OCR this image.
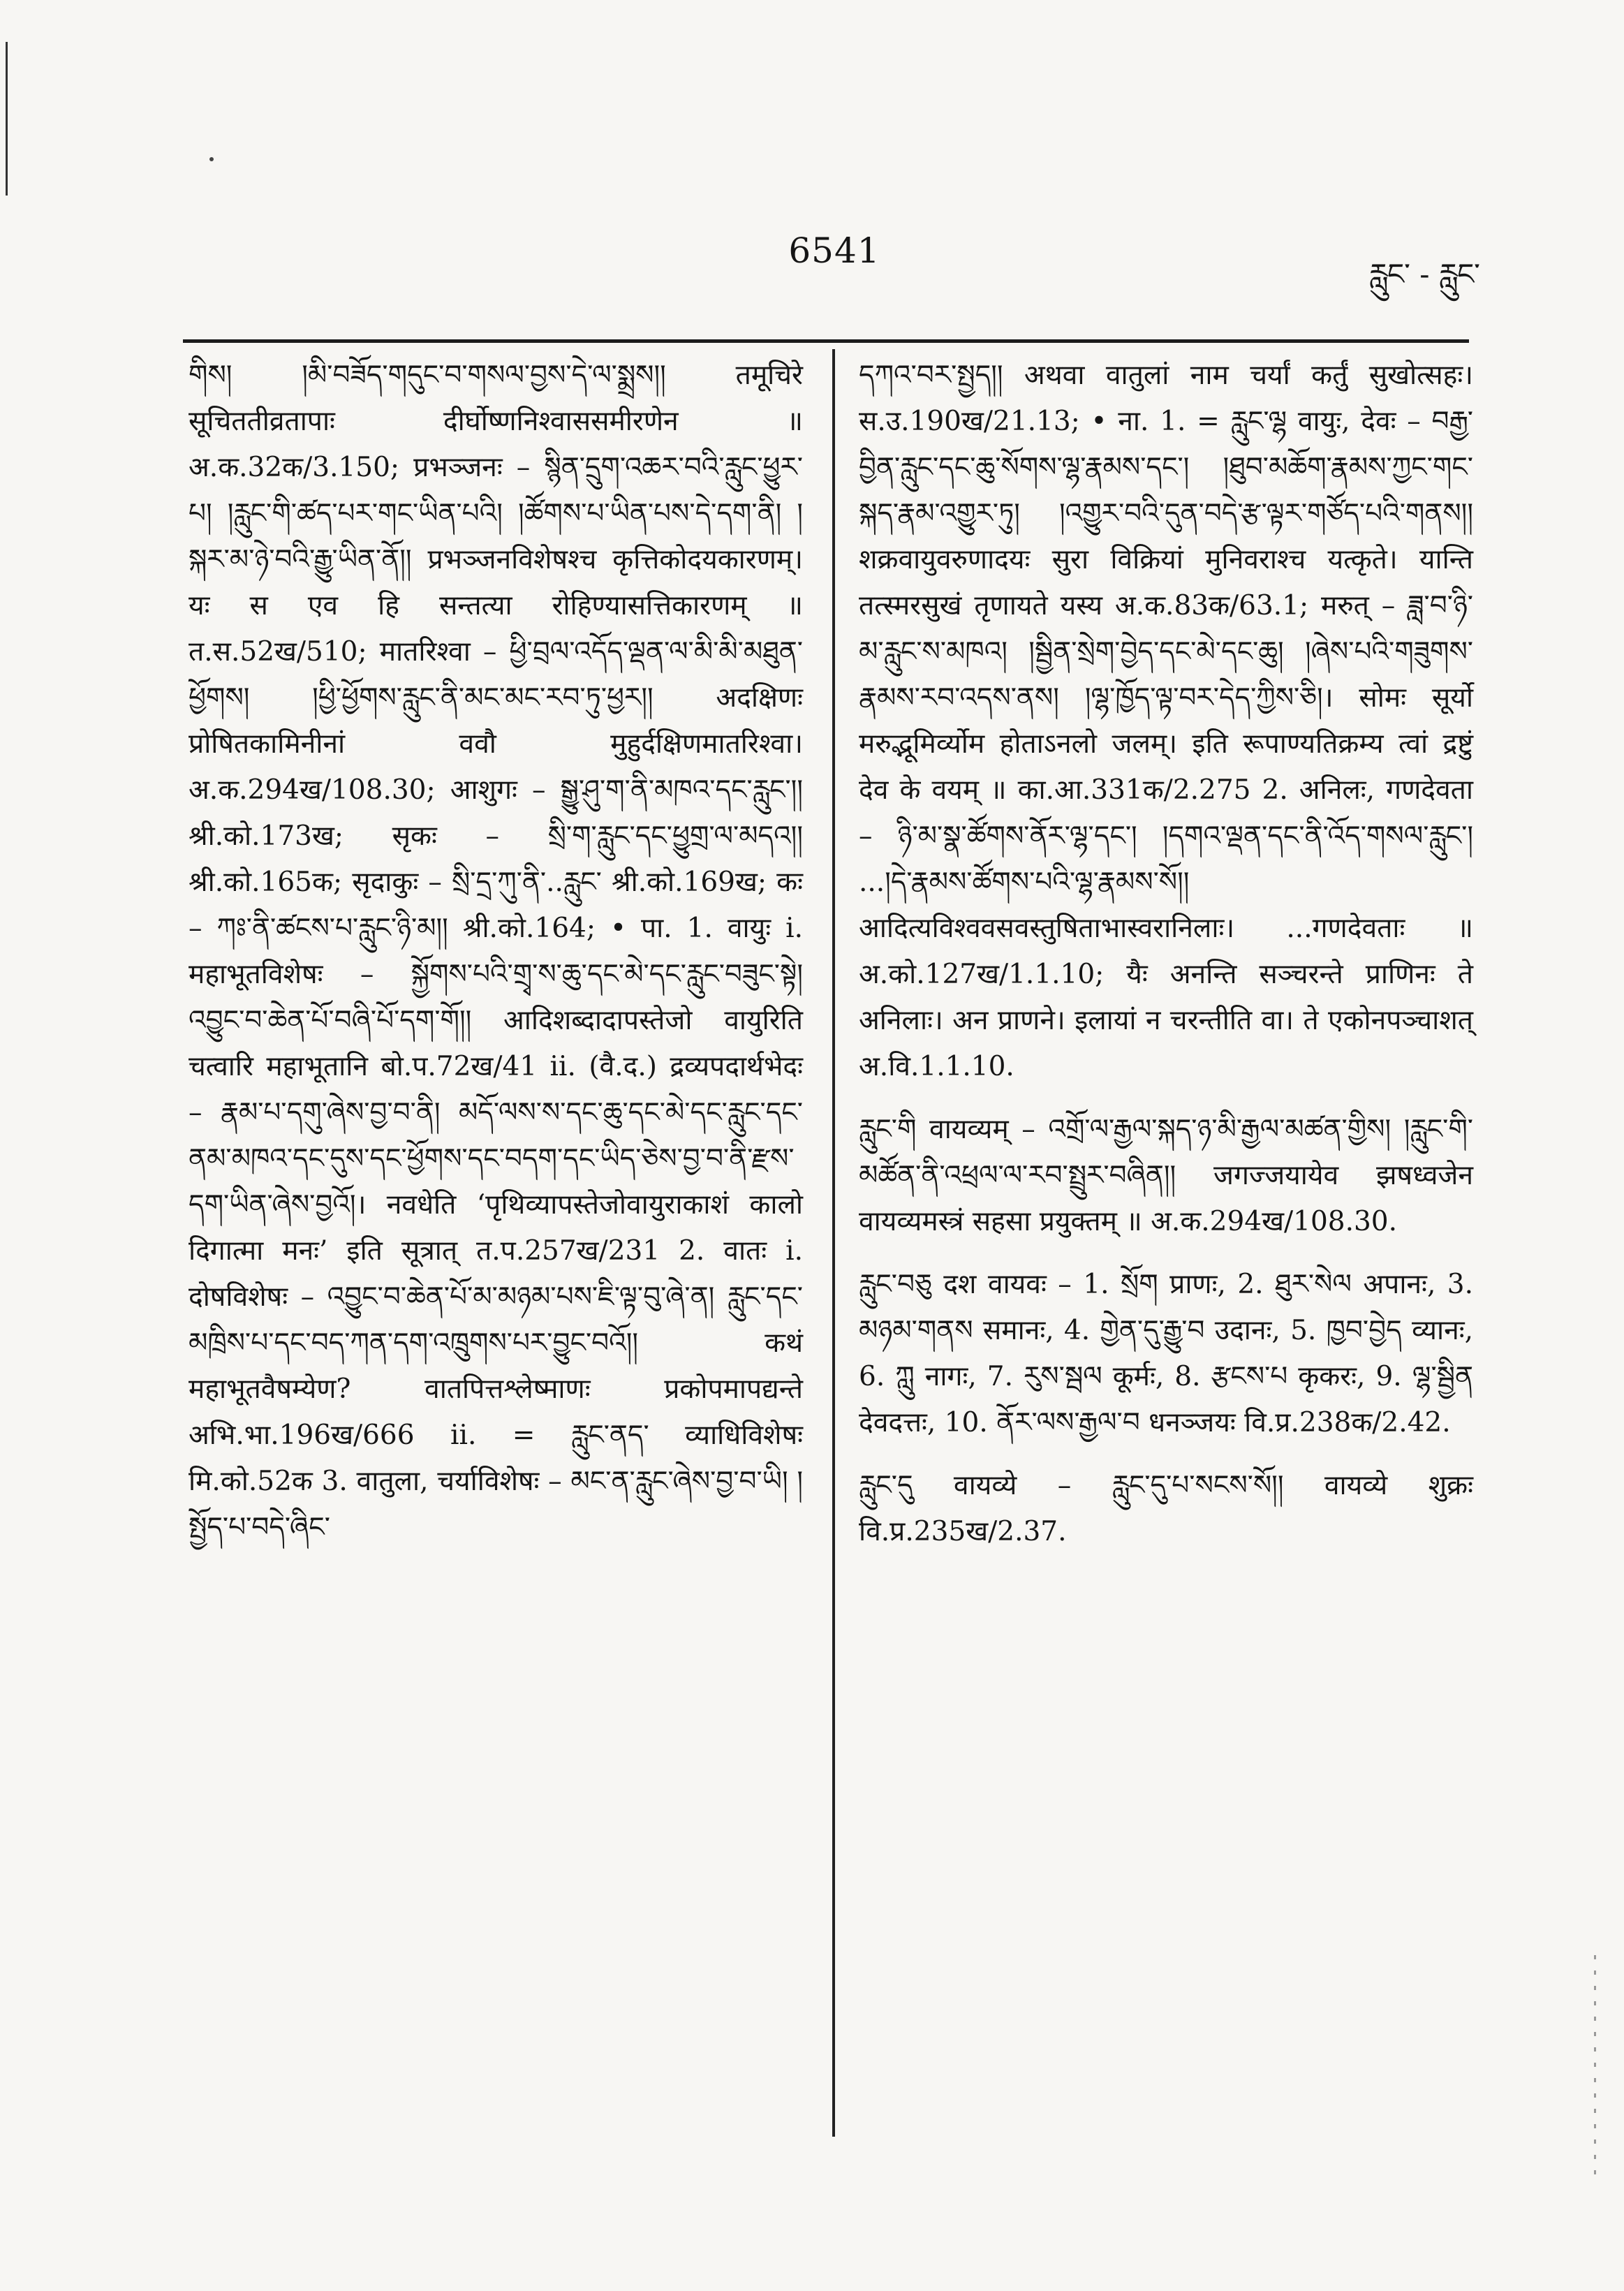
6541
རླུང་ - རླུང་

གིས། །མི་བཟོད་གདུང་བ་གསལ་བྱས་དེ་ལ་སྨྲས།། तमूचिरे सूचिततीव्रतापाः दीर्घोष्णनिश्वाससमीरणेन ॥ अ.क.32क/3.150; प्रभञ्जनः – སྙིན་དྲུག་འཆར་བའི་རླུང་ཕྱུར་པ། །རླུང་གི་ཚད་པར་གང་ཡིན་པའི། །ཚོགས་པ་ཡིན་པས་དེ་དག་ནི། །སྐར་མ་ཉེ་བའི་རྒྱུ་ཡིན་ནོ།། प्रभञ्जनविशेषश्च कृत्तिकोदयकारणम्। यः स एव हि सन्तत्या रोहिण्यासत्तिकारणम् ॥ त.स.52ख/510; मातरिश्वा – ཕྱི་བྲལ་འདོད་ལྡན་ལ་མི་མི་མཐུན་ཕྱོགས། །ཕྱི་ཕྱོགས་རླུང་ནི་མང་མང་རབ་ཏུ་ཕྱར།། अदक्षिणः प्रोषितकामिनीनां ववौ मुहुर्दक्षिणमातरिश्वा। अ.क.294ख/108.30; आशुगः – སྒྱུ་ཤུ་ག་ནི་མཁའ་དང་རླུང་།། श्री.को.173ख; सृकः – སྲི་ག་རླུང་དང་ཕྱུགྲ་ལ་མདའ།། श्री.को.165क; सृदाकुः – སྲི་དྲ་ཀུ་ནི་..རླུང་ श्री.को.169ख; कः – ཀཿ་ནི་ཚངས་པ་རླུང་ཉི་མ།། श्री.को.164; • पा. 1. वायुः i. महाभूतविशेषः – སྐྱོགས་པའི་གྲྭ་ས་ཆུ་དང་མེ་དང་རླུང་བཟུང་སྟེ། འབྱུང་བ་ཆེན་པོ་བཞི་པོ་དག་གོ།། आदिशब्दादापस्तेजो वायुरिति चत्वारि महाभूतानि बो.प.72ख/41 ii. (वै.द.) द्रव्यपदार्थभेदः – རྣམ་པ་དགུ་ཞེས་བྱ་བ་ནི། མདོ་ལས་ས་དང་ཆུ་དང་མེ་དང་རླུང་དང་ནམ་མཁའ་དང་དུས་དང་ཕྱོགས་དང་བདག་དང་ཡིད་ཅེས་བྱ་བ་ནི་རྫས་དག་ཡིན་ཞེས་བྱའོ།। नवधेति ‘पृथिव्यापस्तेजोवायुराकाशं कालो दिगात्मा मनः’ इति सूत्रात् त.प.257ख/231 2. वातः i. दोषविशेषः – འབྱུང་བ་ཆེན་པོ་མ་མཉམ་པས་ཇི་ལྟ་བུ་ཞེ་ན། རླུང་དང་མཁྲིས་པ་དང་བད་ཀན་དག་འཁྲུགས་པར་བྱུང་བའོ།། कथं महाभूतवैषम्येण? वातपित्तश्लेष्माणः प्रकोपमापद्यन्ते अभि.भा.196ख/666 ii. = རླུང་ནད་ व्याधिविशेषः मि.को.52क 3. वातुला, चर्याविशेषः – མང་ན་རླུང་ཞེས་བྱ་བ་ཡི། །སྤྱོད་པ་བདེ་ཞིང་

དཀའ་བར་སྤྱད།། अथवा वातुलां नाम चर्यां कर्तुं सुखोत्सहः। स.उ.190ख/21.13; • ना. 1. = རླུང་ལྷ वायुः, देवः – བརྒྱ་བྱིན་རླུང་དང་ཆུ་སོགས་ལྷ་རྣམས་དང་། །ཐུབ་མཆོག་རྣམས་ཀྱང་གང་སྐད་རྣམ་འགྱུར་ཏུ། །འགྱུར་བའི་དུན་བདེ་རྩ་ལྟར་གཙོད་པའི་གནས།། शक्रवायुवरुणादयः सुरा विक्रियां मुनिवराश्च यत्कृते। यान्ति तत्स्मरसुखं तृणायते यस्य अ.क.83क/63.1; मरुत् – ཟླ་བ་ཉི་མ་རླུང་ས་མཁའ། །སྦྱིན་སྲེག་བྱེད་དང་མེ་དང་ཆུ། །ཞེས་པའི་གཟུགས་རྣམས་རབ་འདས་ནས། །ལྷ་ཁྱོད་ལྟ་བར་དེད་ཀྱིས་ཅི།। सोमः सूर्यो मरुद्भूमिर्व्योम होताऽनलो जलम्। इति रूपाण्यतिक्रम्य त्वां द्रष्टुं देव के वयम् ॥ का.आ.331क/2.275 2. अनिलः, गणदेवता – ཉི་མ་སྣ་ཚོགས་ནོར་ལྷ་དང་། །དགའ་ལྡན་དང་ནི་འོད་གསལ་རླུང་། ...།དེ་རྣམས་ཚོགས་པའི་ལྷ་རྣམས་སོ།། आदित्यविश्ववसवस्तुषिताभास्वरानिलाः। ...गणदेवताः ॥ अ.को.127ख/1.1.10; यैः अनन्ति सञ्चरन्ते प्राणिनः ते अनिलाः। अन प्राणने। इलायां न चरन्तीति वा। ते एकोनपञ्चाशत् अ.वि.1.1.10.

རླུང་གི वायव्यम् – འགྲོ་ལ་རྒྱལ་སྐད་ཉ་མི་རྒྱལ་མཚན་གྱིས། །རླུང་གི་མཚོན་ནི་འཕྲལ་ལ་རབ་སྤྲུར་བཞིན།། जगज्जयायेव झषध्वजेन वायव्यमस्त्रं सहसा प्रयुक्तम् ॥ अ.क.294ख/108.30.

རླུང་བཅུ दश वायवः – 1. སྲོག प्राणः, 2. ཐུར་སེལ अपानः, 3. མཉམ་གནས समानः, 4. གྱེན་དུ་རྒྱུ་བ उदानः, 5. ཁྱབ་བྱེད व्यानः, 6. ཀླུ नागः, 7. རུས་སྦལ कूर्मः, 8. རྩངས་པ कृकरः, 9. ལྷ་སྦྱིན देवदत्तः, 10. ནོར་ལས་རྒྱལ་བ धनञ्जयः वि.प्र.238क/2.42.

རླུང་དུ वायव्ये – རླུང་དུ་པ་སངས་སོ།། वायव्ये शुक्रः वि.प्र.235ख/2.37.
